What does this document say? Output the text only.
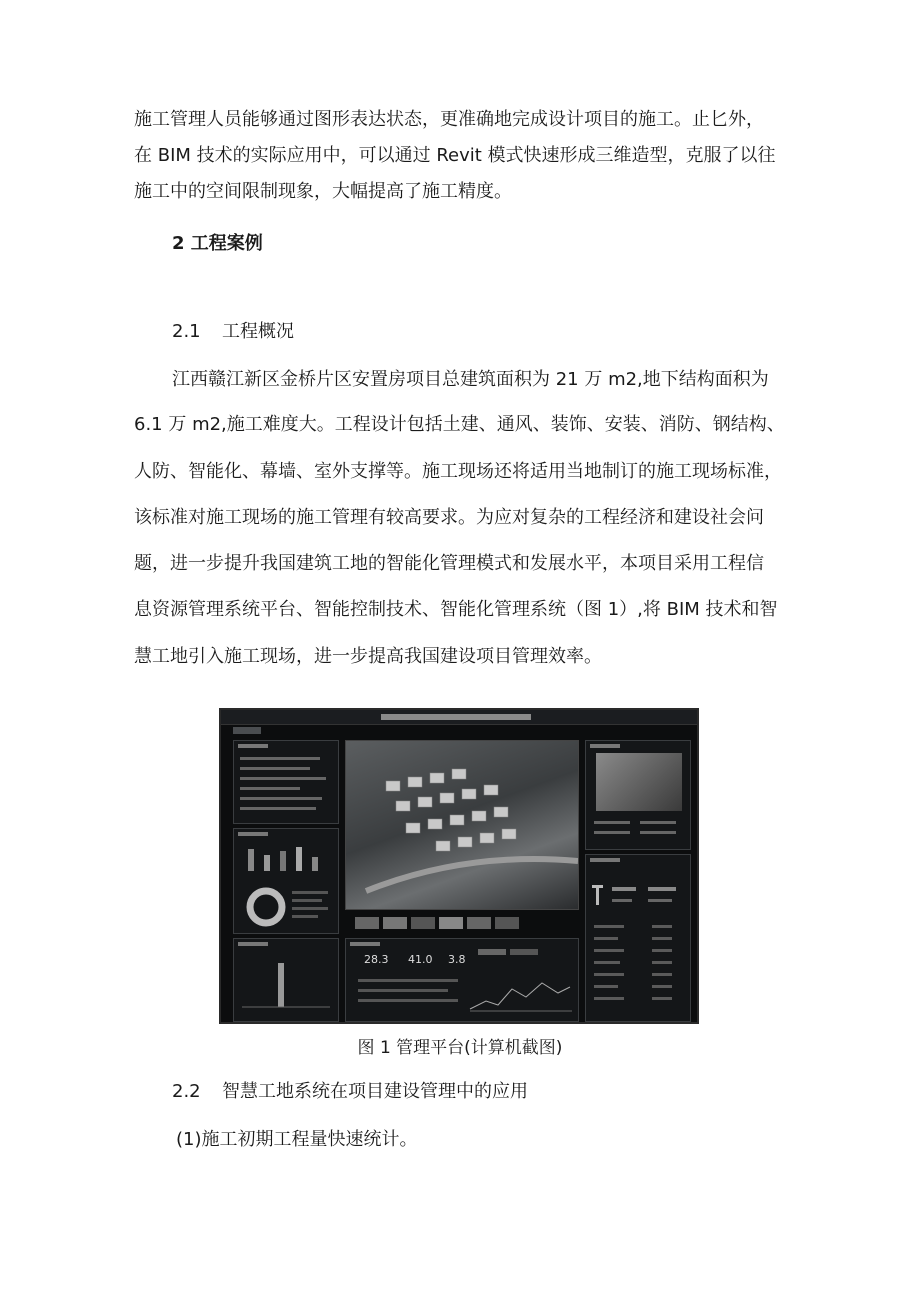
施工管理人员能够通过图形表达状态，更准确地完成设计项目的施工。止匕外，
在 BIM 技术的实际应用中，可以通过 Revit 模式快速形成三维造型，克服了以往
施工中的空间限制现象，大幅提高了施工精度。
2 工程案例
2.1 工程概况
江西赣江新区金桥片区安置房项目总建筑面积为 21 万 m2,地下结构面积为
6.1 万 m2,施工难度大。工程设计包括土建、通风、装饰、安装、消防、钢结构、
人防、智能化、幕墙、室外支撑等。施工现场还将适用当地制订的施工现场标准，
该标准对施工现场的施工管理有较高要求。为应对复杂的工程经济和建设社会问
题，进一步提升我国建筑工地的智能化管理模式和发展水平，本项目采用工程信
息资源管理系统平台、智能控制技术、智能化管理系统（图 1）,将 BIM 技术和智
慧工地引入施工现场，进一步提高我国建设项目管理效率。
28.3 41.0 3.8
图 1 管理平台(计算机截图)
2.2 智慧工地系统在项目建设管理中的应用
(1)施工初期工程量快速统计。
